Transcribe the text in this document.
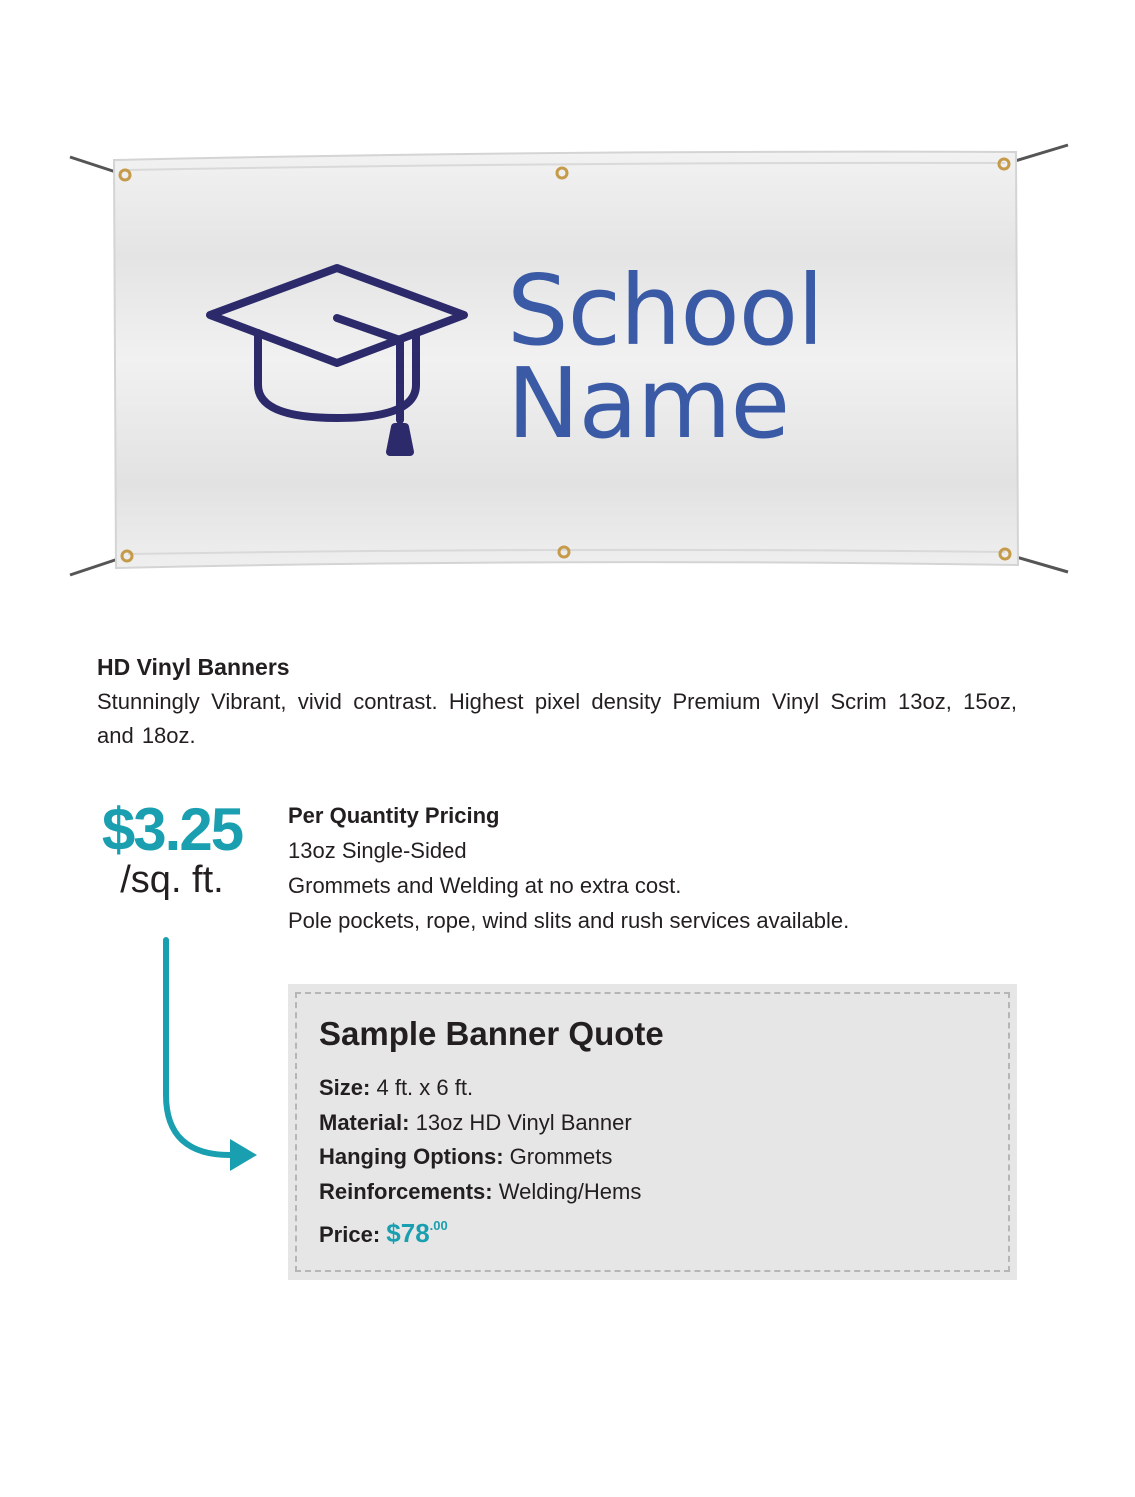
School
Name

HD Vinyl Banners

Stunningly Vibrant, vivid contrast. Highest pixel density Premium Vinyl Scrim 13oz, 15oz, and 18oz.

$3.25
/sq. ft.

Per Quantity Pricing

13oz Single-Sided

Grommets and Welding at no extra cost.

Pole pockets, rope, wind slits and rush services available.

Sample Banner Quote

Size: 4 ft. x 6 ft.

Material: 13oz HD Vinyl Banner

Hanging Options: Grommets

Reinforcements: Welding/Hems

Price: $\$78^{.00}$
